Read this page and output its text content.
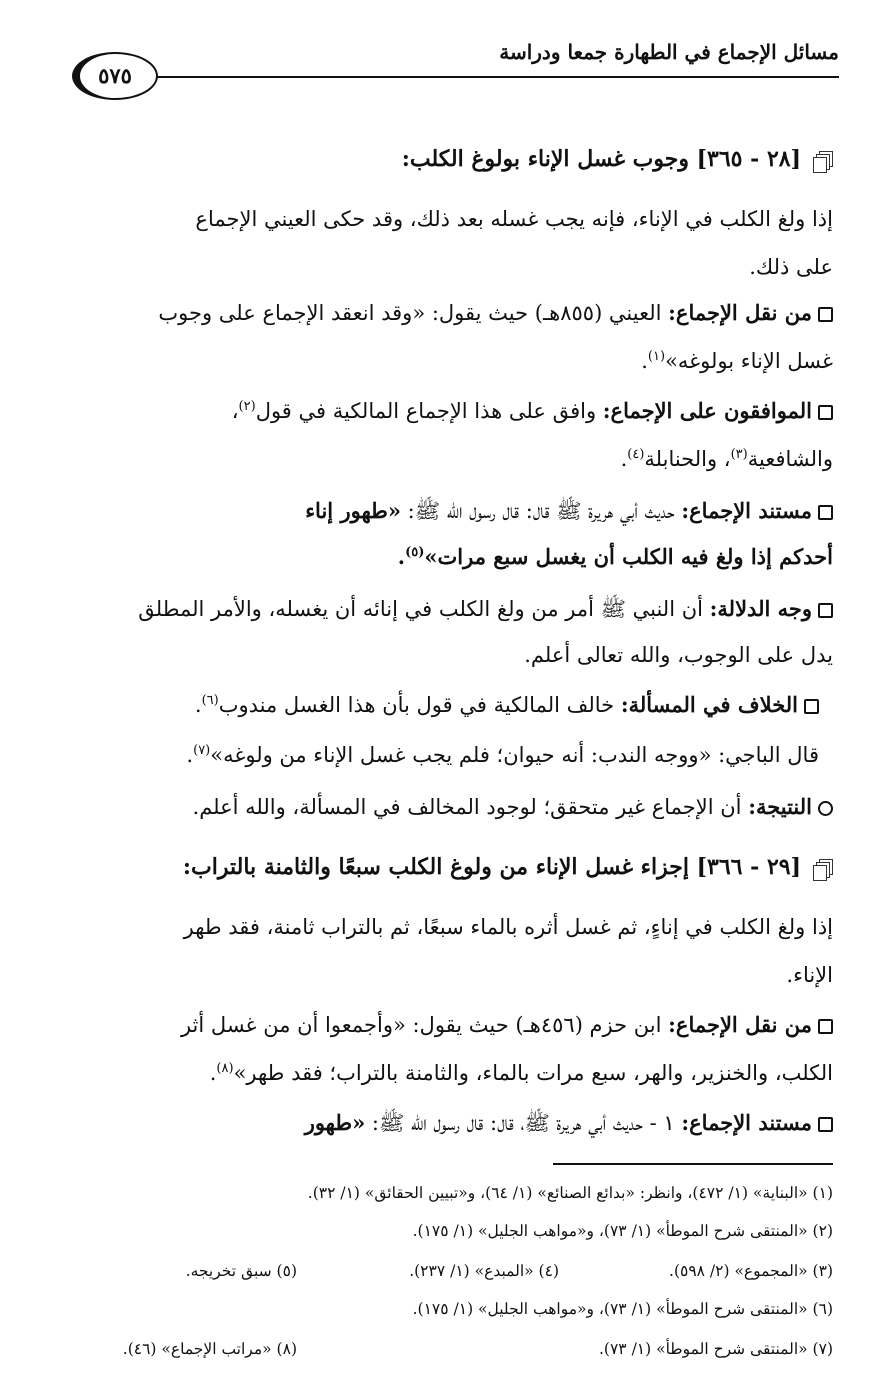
مسائل الإجماع في الطهارة جمعا ودراسة
٥٧٥
[٢٨ - ٣٦٥] وجوب غسل الإناء بولوغ الكلب:
إذا ولغ الكلب في الإناء، فإنه يجب غسله بعد ذلك، وقد حكى العيني الإجماع
على ذلك.
من نقل الإجماع: العيني (٨٥٥هـ) حيث يقول: «وقد انعقد الإجماع على وجوب
غسل الإناء بولوغه»$^{(١)}$.
الموافقون على الإجماع: وافق على هذا الإجماع المالكية في قول$^{(٢)}$،
والشافعية$^{(٣)}$، والحنابلة$^{(٤)}$.
مستند الإجماع: حديث أبي هريرة ﷺ قال: قال رسول الله ﷺ: «طهور إناء
أحدكم إذا ولغ فيه الكلب أن يغسل سبع مرات»$^{(٥)}$.
وجه الدلالة: أن النبي ﷺ أمر من ولغ الكلب في إنائه أن يغسله، والأمر المطلق
يدل على الوجوب، والله تعالى أعلم.
الخلاف في المسألة: خالف المالكية في قول بأن هذا الغسل مندوب$^{(٦)}$.
قال الباجي: «ووجه الندب: أنه حيوان؛ فلم يجب غسل الإناء من ولوغه»$^{(٧)}$.
النتيجة: أن الإجماع غير متحقق؛ لوجود المخالف في المسألة، والله أعلم.
[٢٩ - ٣٦٦] إجزاء غسل الإناء من ولوغ الكلب سبعًا والثامنة بالتراب:
إذا ولغ الكلب في إناءٍ، ثم غسل أثره بالماء سبعًا، ثم بالتراب ثامنة، فقد طهر
الإناء.
من نقل الإجماع: ابن حزم (٤٥٦هـ) حيث يقول: «وأجمعوا أن من غسل أثر
الكلب، والخنزير، والهر، سبع مرات بالماء، والثامنة بالتراب؛ فقد طهر»$^{(٨)}$.
مستند الإجماع: ١ - حديث أبي هريرة ﷺ، قال: قال رسول الله ﷺ: «طهور
(١) «البناية» (١/ ٤٧٢)، وانظر: «بدائع الصنائع» (١/ ٦٤)، و«تبيين الحقائق» (١/ ٣٢).
(٢) «المنتقى شرح الموطأ» (١/ ٧٣)، و«مواهب الجليل» (١/ ١٧٥).
(٣) «المجموع» (٢/ ٥٩٨).
(٤) «المبدع» (١/ ٢٣٧).
(٥) سبق تخريجه.
(٦) «المنتقى شرح الموطأ» (١/ ٧٣)، و«مواهب الجليل» (١/ ١٧٥).
(٧) «المنتقى شرح الموطأ» (١/ ٧٣).
(٨) «مراتب الإجماع» (٤٦).
